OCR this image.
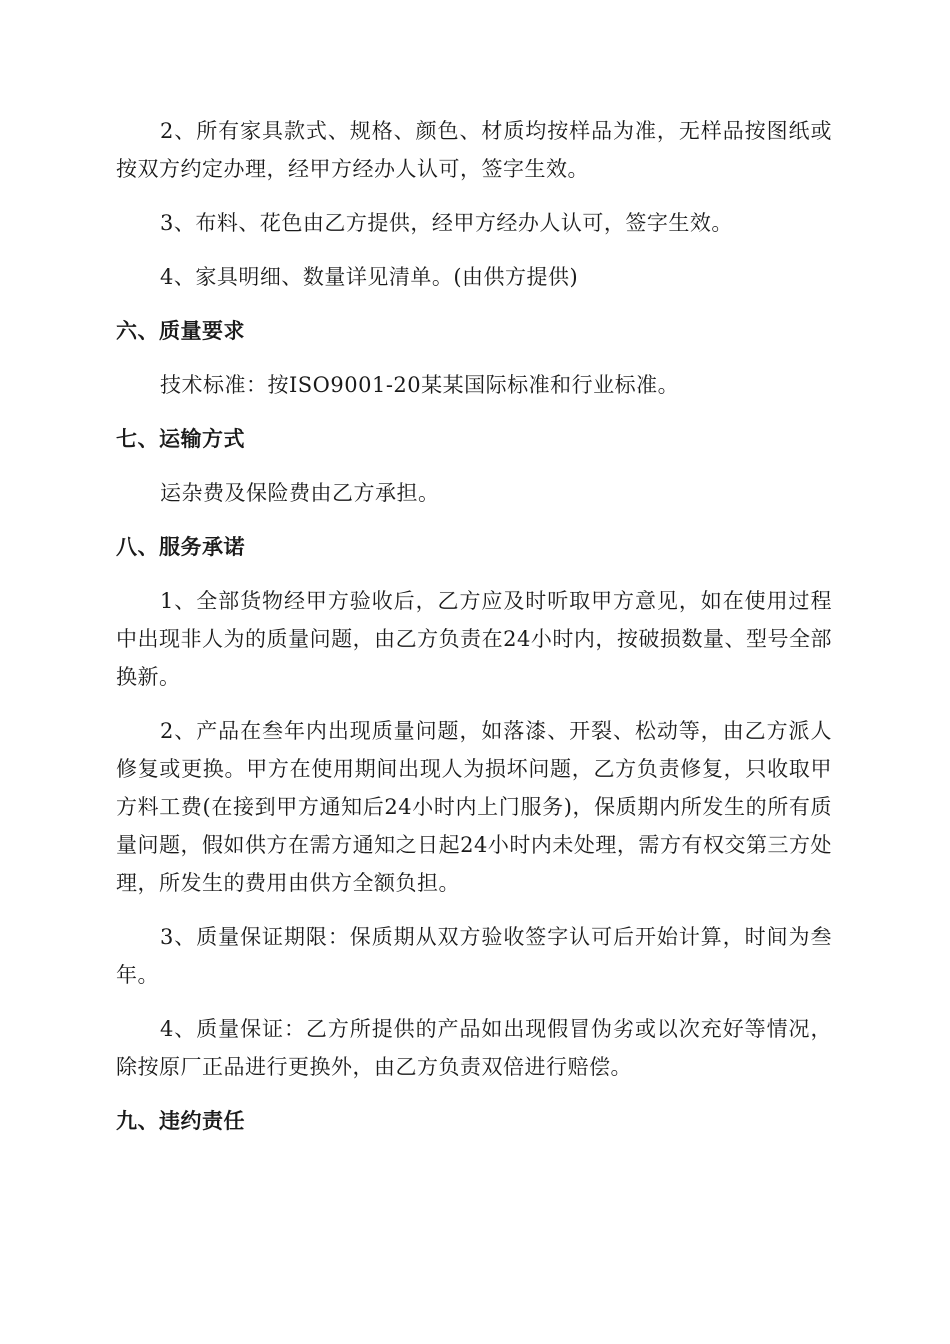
2、所有家具款式、规格、颜色、材质均按样品为准，无样品按图纸或按双方约定办理，经甲方经办人认可，签字生效。

3、布料、花色由乙方提供，经甲方经办人认可，签字生效。

4、家具明细、数量详见清单。(由供方提供)

六、质量要求

技术标准：按ISO9001-20某某国际标准和行业标准。

七、运输方式

运杂费及保险费由乙方承担。

八、服务承诺

1、全部货物经甲方验收后，乙方应及时听取甲方意见，如在使用过程中出现非人为的质量问题，由乙方负责在24小时内，按破损数量、型号全部换新。

2、产品在叁年内出现质量问题，如落漆、开裂、松动等，由乙方派人修复或更换。甲方在使用期间出现人为损坏问题，乙方负责修复，只收取甲方料工费(在接到甲方通知后24小时内上门服务)，保质期内所发生的所有质量问题，假如供方在需方通知之日起24小时内未处理，需方有权交第三方处理，所发生的费用由供方全额负担。

3、质量保证期限：保质期从双方验收签字认可后开始计算，时间为叁年。

4、质量保证：乙方所提供的产品如出现假冒伪劣或以次充好等情况，除按原厂正品进行更换外，由乙方负责双倍进行赔偿。

九、违约责任
